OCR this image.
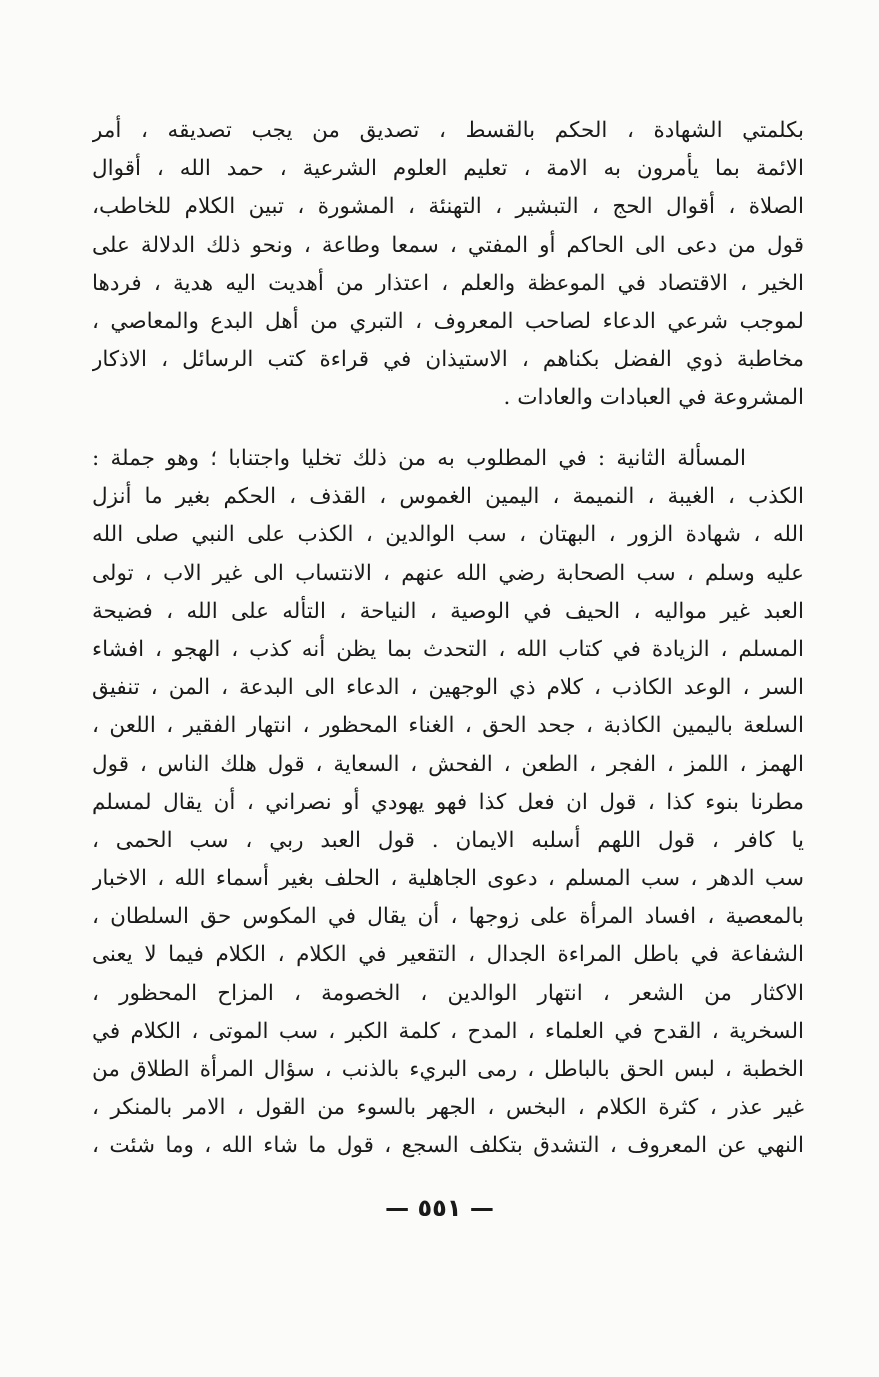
بكلمتي الشهادة ، الحكم بالقسط ، تصديق من يجب تصديقه ، أمر
الائمة بما يأمرون به الامة ، تعليم العلوم الشرعية ، حمد الله ، أقوال
الصلاة ، أقوال الحج ، التبشير ، التهنئة ، المشورة ، تبين الكلام للخاطب،
قول من دعى الى الحاكم أو المفتي ، سمعا وطاعة ، ونحو ذلك الدلالة على
الخير ، الاقتصاد في الموعظة والعلم ، اعتذار من أهديت اليه هدية ، فردها
لموجب شرعي الدعاء لصاحب المعروف ، التبري من أهل البدع والمعاصي ،
مخاطبة ذوي الفضل بكناهم ، الاستيذان في قراءة كتب الرسائل ، الاذكار
المشروعة في العبادات والعادات .
المسألة الثانية : في المطلوب به من ذلك تخليا واجتنابا ؛ وهو جملة :
الكذب ، الغيبة ، النميمة ، اليمين الغموس ، القذف ، الحكم بغير ما أنزل
الله ، شهادة الزور ، البهتان ، سب الوالدين ، الكذب على النبي صلى الله
عليه وسلم ، سب الصحابة رضي الله عنهم ، الانتساب الى غير الاب ، تولى
العبد غير مواليه ، الحيف في الوصية ، النياحة ، التأله على الله ، فضيحة
المسلم ، الزيادة في كتاب الله ، التحدث بما يظن أنه كذب ، الهجو ، افشاء
السر ، الوعد الكاذب ، كلام ذي الوجهين ، الدعاء الى البدعة ، المن ، تنفيق
السلعة باليمين الكاذبة ، جحد الحق ، الغناء المحظور ، انتهار الفقير ، اللعن ،
الهمز ، اللمز ، الفجر ، الطعن ، الفحش ، السعاية ، قول هلك الناس ، قول
مطرنا بنوء كذا ، قول ان فعل كذا فهو يهودي أو نصراني ، أن يقال لمسلم
يا كافر ، قول اللهم أسلبه الايمان . قول العبد ربي ، سب الحمى ،
سب الدهر ، سب المسلم ، دعوى الجاهلية ، الحلف بغير أسماء الله ، الاخبار
بالمعصية ، افساد المرأة على زوجها ، أن يقال في المكوس حق السلطان ،
الشفاعة في باطل المراءة الجدال ، التقعير في الكلام ، الكلام فيما لا يعنى
الاكثار من الشعر ، انتهار الوالدين ، الخصومة ، المزاح المحظور ،
السخرية ، القدح في العلماء ، المدح ، كلمة الكبر ، سب الموتى ، الكلام في
الخطبة ، لبس الحق بالباطل ، رمى البريء بالذنب ، سؤال المرأة الطلاق من
غير عذر ، كثرة الكلام ، البخس ، الجهر بالسوء من القول ، الامر بالمنكر ،
النهي عن المعروف ، التشدق بتكلف السجع ، قول ما شاء الله ، وما شئت ،
— ٥٥١ —
